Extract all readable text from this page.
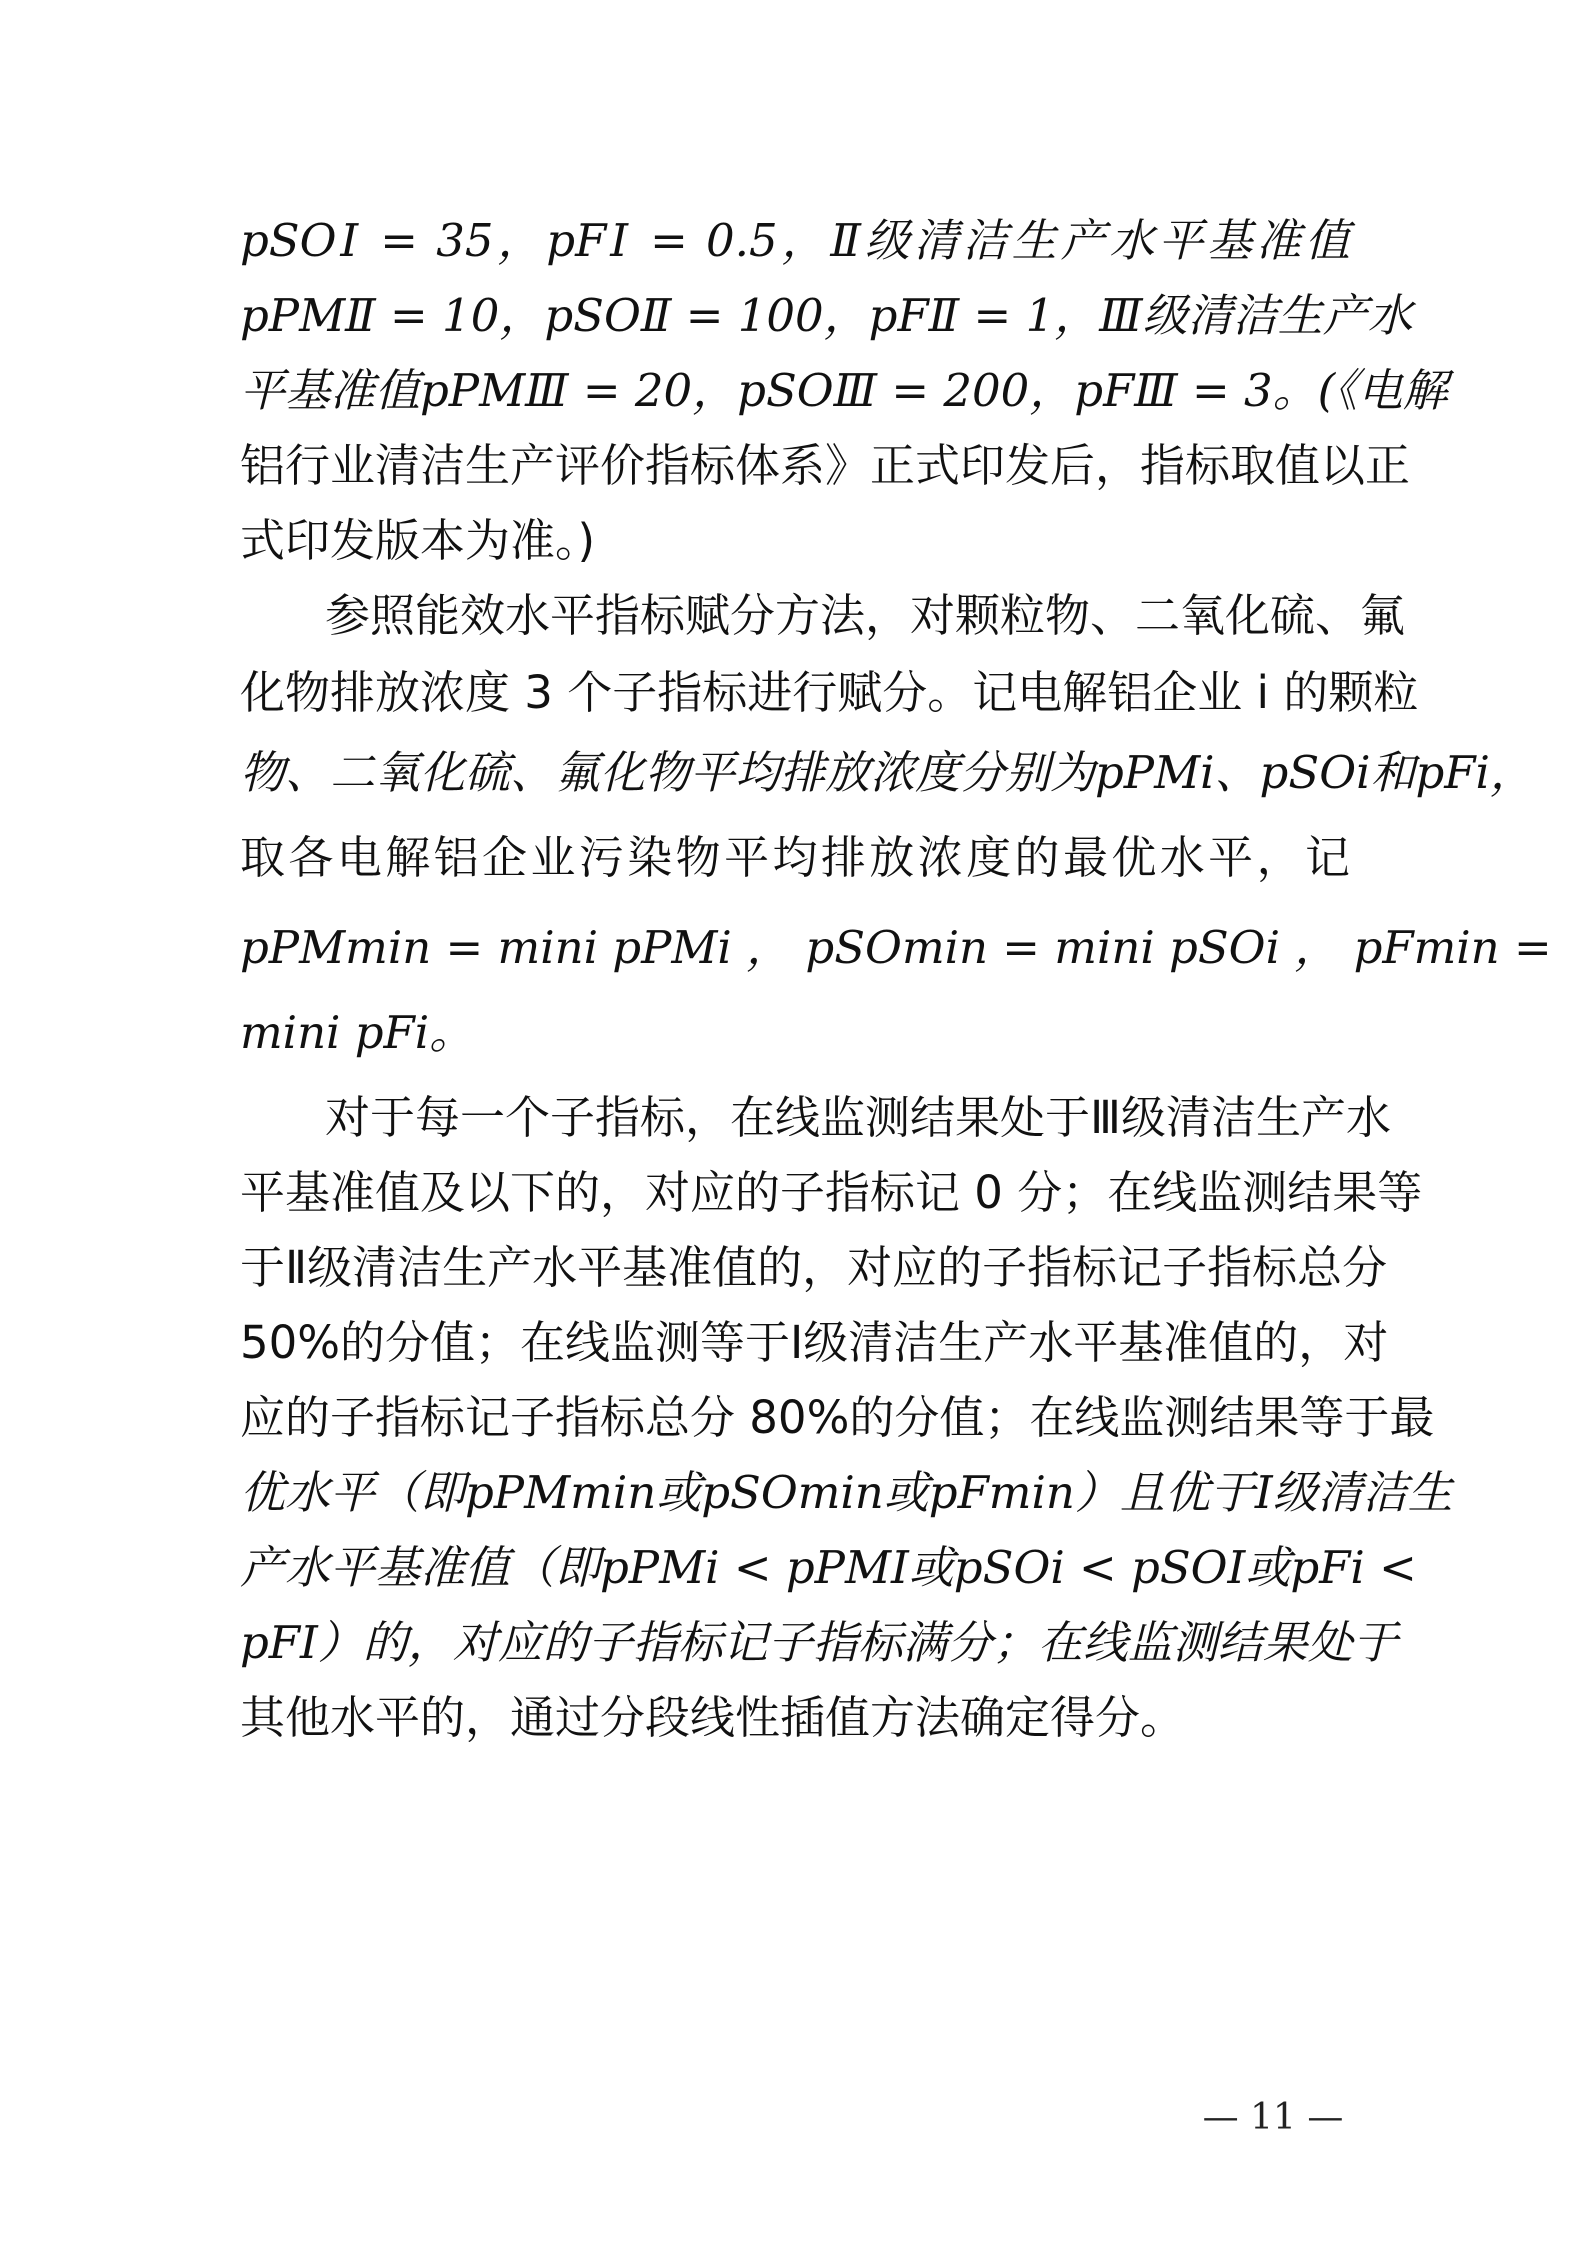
𝑝𝑆𝑂Ⅰ = 35，𝑝𝐹Ⅰ = 0.5，Ⅱ级清洁生产水平基准值
𝑝𝑃𝑀Ⅱ = 10，𝑝𝑆𝑂Ⅱ = 100，𝑝𝐹Ⅱ = 1，Ⅲ级清洁生产水
平基准值𝑝𝑃𝑀Ⅲ = 20，𝑝𝑆𝑂Ⅲ = 200，𝑝𝐹Ⅲ = 3。(《电解
铝行业清洁生产评价指标体系》正式印发后，指标取值以正
式印发版本为准。)
参照能效水平指标赋分方法，对颗粒物、二氧化硫、氟
化物排放浓度 3 个子指标进行赋分。记电解铝企业 i 的颗粒
物、二氧化硫、氟化物平均排放浓度分别为𝑝𝑃𝑀𝑖、𝑝𝑆𝑂𝑖和𝑝𝐹𝑖，
取各电解铝企业污染物平均排放浓度的最优水平，记
𝑝𝑃𝑀𝑚𝑖𝑛 = min𝑖 𝑝𝑃𝑀𝑖 ， 𝑝𝑆𝑂𝑚𝑖𝑛 = min𝑖 𝑝𝑆𝑂𝑖 ， 𝑝𝐹𝑚𝑖𝑛 =
min𝑖 𝑝𝐹𝑖。
对于每一个子指标，在线监测结果处于Ⅲ级清洁生产水
平基准值及以下的，对应的子指标记 0 分；在线监测结果等
于Ⅱ级清洁生产水平基准值的，对应的子指标记子指标总分
50%的分值；在线监测等于Ⅰ级清洁生产水平基准值的，对
应的子指标记子指标总分 80%的分值；在线监测结果等于最
优水平（即𝑝𝑃𝑀𝑚𝑖𝑛或𝑝𝑆𝑂𝑚𝑖𝑛或𝑝𝐹𝑚𝑖𝑛）且优于Ⅰ级清洁生
产水平基准值（即𝑝𝑃𝑀𝑖 < 𝑝𝑃𝑀Ⅰ或𝑝𝑆𝑂𝑖 < 𝑝𝑆𝑂Ⅰ或𝑝𝐹𝑖 <
𝑝𝐹Ⅰ）的，对应的子指标记子指标满分；在线监测结果处于
其他水平的，通过分段线性插值方法确定得分。
— 11 —
